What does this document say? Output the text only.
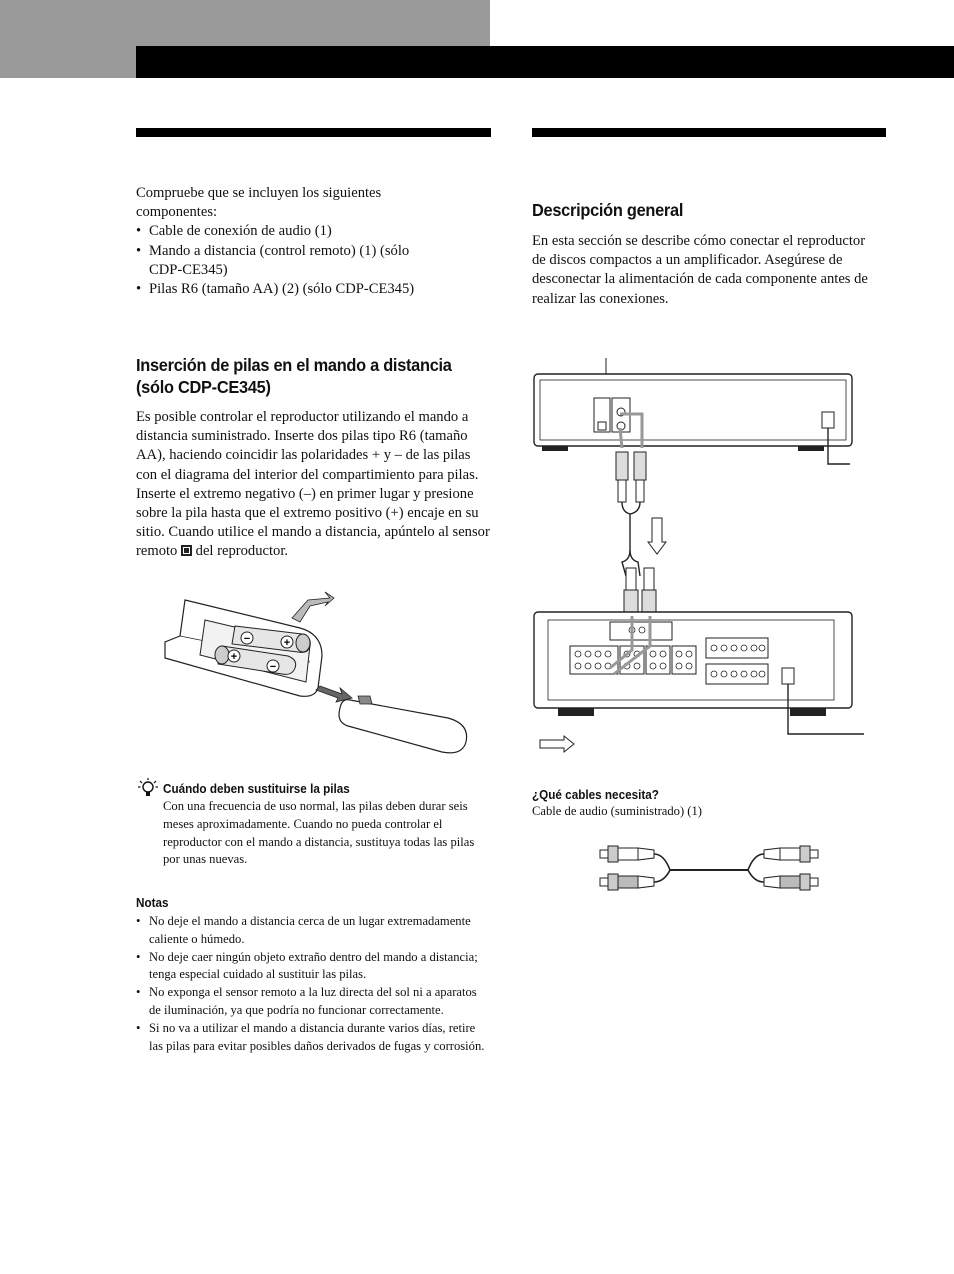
Compruebe que se incluyen los siguientes componentes:
• Cable de conexión de audio (1)
• Mando a distancia (control remoto) (1) (sólo CDP-CE345)
• Pilas R6 (tamaño AA) (2) (sólo CDP-CE345)
Inserción de pilas en el mando a distancia (sólo CDP-CE345)
Es posible controlar el reproductor utilizando el mando a distancia suministrado. Inserte dos pilas tipo R6 (tamaño AA), haciendo coincidir las polaridades + y – de las pilas con el diagrama del interior del compartimiento para pilas.
Inserte el extremo negativo (–) en primer lugar y presione sobre la pila hasta que el extremo positivo (+) encaje en su sitio. Cuando utilice el mando a distancia, apúntelo al sensor remoto del reproductor.
−	+
+
−
Cuándo deben sustituirse la pilas
Con una frecuencia de uso normal, las pilas deben durar seis meses aproximadamente. Cuando no pueda controlar el reproductor con el mando a distancia, sustituya todas las pilas por unas nuevas.
Notas
• No deje el mando a distancia cerca de un lugar extremadamente caliente o húmedo.
• No deje caer ningún objeto extraño dentro del mando a distancia; tenga especial cuidado al sustituir las pilas.
• No exponga el sensor remoto a la luz directa del sol ni a aparatos de iluminación, ya que podría no funcionar correctamente.
• Si no va a utilizar el mando a distancia durante varios días, retire las pilas para evitar posibles daños derivados de fugas y corrosión.
Descripción general
En esta sección se describe cómo conectar el reproductor de discos compactos a un amplificador. Asegúrese de desconectar la alimentación de cada componente antes de realizar las conexiones.
¿Qué cables necesita?
Cable de audio (suministrado) (1)
